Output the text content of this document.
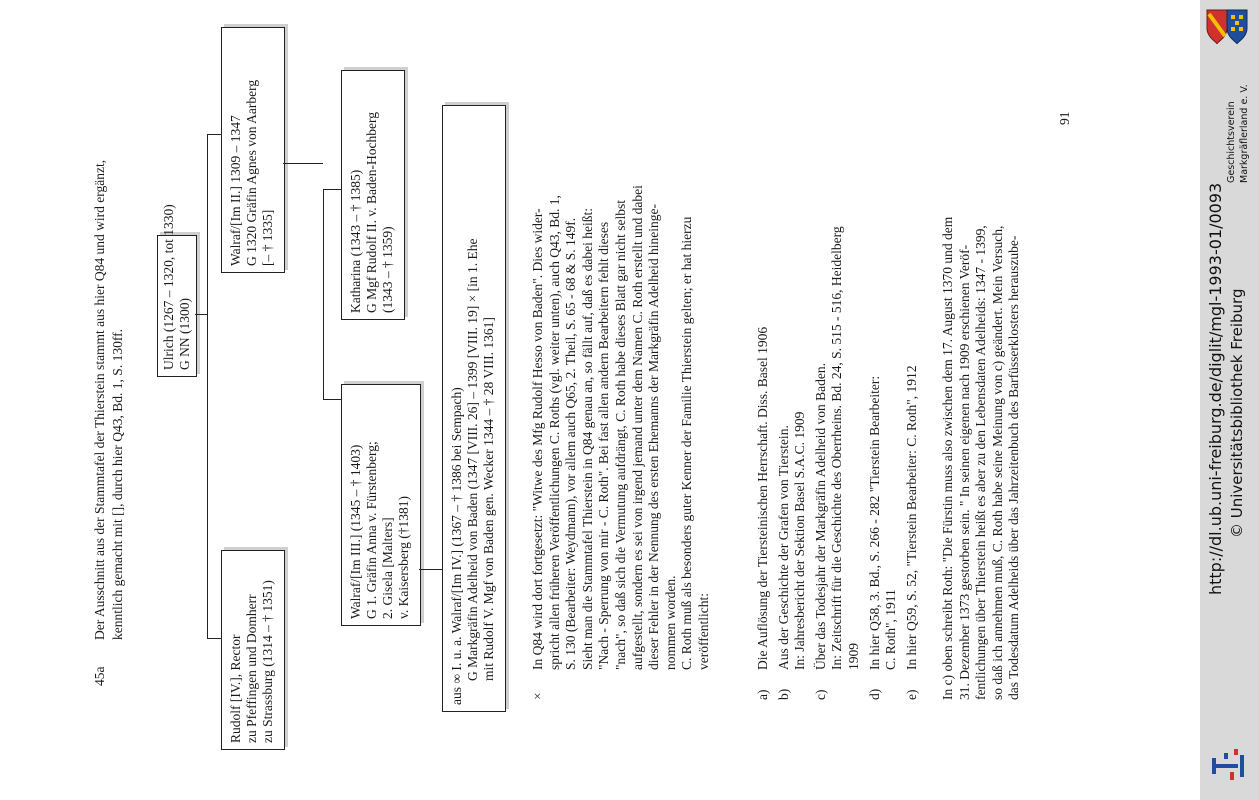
45a
Der Ausschnitt aus der Stammtafel der Thierstein stammt aus hier Q84 und wird ergänzt, kenntlich gemacht mit [], durch hier Q43, Bd. 1, S. 130ff.
Ulrich (1267 – 1320, tot 1330) G NN (1300)
Rudolf [IV.], Rector zu Pfeffingen und Domherr zu Strassburg (1314 – † 1351)
Walraf/[Im II.] 1309 – 1347 G 1320 Gräfin Agnes von Aarberg [– † 1335]
Walraf/[Im III.] (1345 – † 1403) G 1. Gräfin Anna v. Fürstenberg; 2. Gisela [Malters] v. Kaisersberg (†1381)
Katharina (1343 – † 1385) G Mgf Rudolf II. v. Baden-Hochberg (1343 – † 1359)
aus ∞ I. u. a. Walraf/[Im IV.] (1367 – † 1386 bei Sempach) G Markgräfin Adelheid von Baden (1347 [VIII. 26] – 1399 [VIII. 19] × [in 1. Ehe mit Rudolf V. Mgf von Baden gen. Wecker 1344 – † 28 VIII. 1361]
×
In Q84 wird dort fortgesetzt: "Witwe des Mfg Rudolf Hesso von Baden". Dies wider- spricht allen früheren Veröffentlichungen C. Roths (vgl. weiter unten), auch Q43, Bd. 1, S. 130 (Bearbeiter: Weydmann), vor allem auch Q65, 2. Theil, S. 65 - 68 & S. 149f. Sieht man die Stammtafel Thierstein in Q84 genau an, so fällt auf, daß es dabei heißt: "Nach - Sperrung von mir - C. Roth". Bei fast allen andern Bearbeitern fehlt dieses "nach", so daß sich die Vermutung aufdrängt, C. Roth habe dieses Blatt gar nicht selbst aufgestellt, sondern es sei von irgend jemand unter dem Namen C. Roth erstellt und dabei dieser Fehler in der Nennung des ersten Ehemanns der Markgräfin Adelheid hineinge- nommen worden. C. Roth muß als besonders guter Kenner der Familie Thierstein gelten; er hat hierzu veröffentlicht:
a)
Die Auflösung der Tiersteinischen Herrschaft. Diss. Basel 1906
b)
Aus der Geschichte der Grafen von Tierstein. In: Jahresbericht der Sektion Basel S.A.C. 1909
c)
Über das Todesjahr der Markgräfin Adelheid von Baden. In: Zeitschrift für die Geschichte des Oberrheins. Bd. 24, S. 515 - 516, Heidelberg 1909
d)
In hier Q58, 3. Bd., S. 266 - 282 "Tierstein Bearbeiter: C. Roth", 1911
e)
In hier Q59, S. 52, "Tierstein Bearbeiter: C. Roth", 1912 In c) oben schreibt Roth: "Die Fürstin muss also zwischen dem 17. August 1370 und dem 31. Dezember 1373 gestorben sein. " In seinen eigenen nach 1909 erschienen Veröf- fentlichungen über Thierstein heißt es aber zu den Lebensdaten Adelheids: 1347 - 1399, so daß ich annehmen muß, C. Roth habe seine Meinung von c) geändert. Mein Versuch, das Todesdatum Adelheids über das Jahrzeitenbuch des Barfüsserklosters herauszube-
91	Geschichtsverein Markgräflerland e. V.
http://dl.ub.uni-freiburg.de/diglit/mgl-1993-01/0093 © Universitätsbibliothek Freiburg
